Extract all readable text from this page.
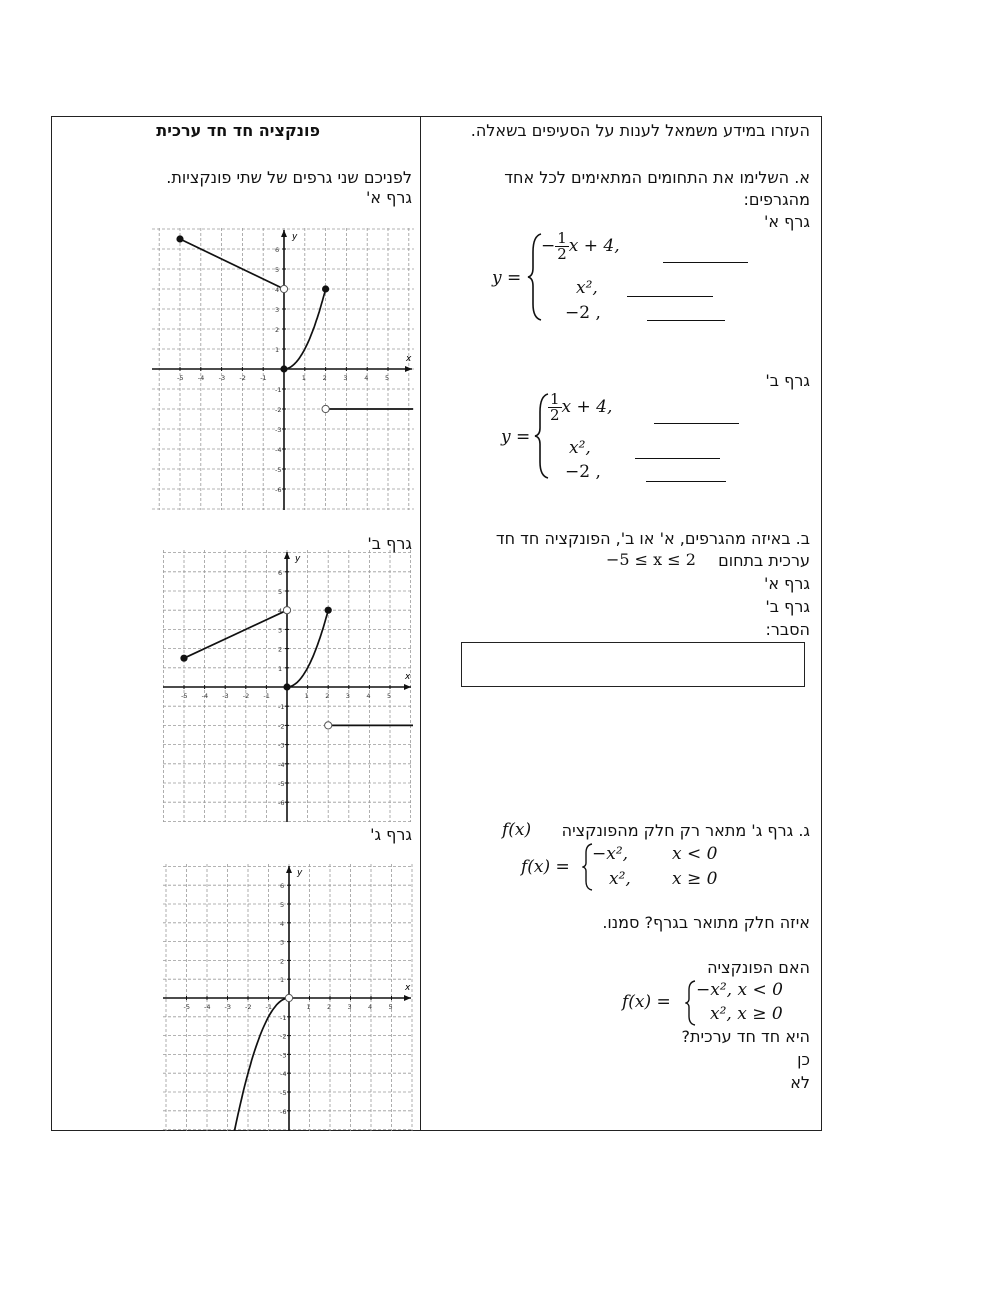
פונקציה חד חד ערכית
לפניכם שני גרפים של שתי פונקציות.
גרף א'
גרף ב'
גרף ג'
x
y
-5 -4 -3 -2 -1	1	2	3	4	5
-6
-5
-4
-3
-2
-1
1
2
3
4
5
6
x
y
-5 -4 -3 -2 -1	1	2	3	4	5
-6
-5
-4
-3
-2
-1
1
2
3
4
5
6
x
y
-5 -4 -3 -2 -1	1	2	3	4	5
-6
-5
-4
-3
-2
-1
1
2
3
4
5
6
העזרו במידע משמאל לענות על הסעיפים בשאלה.
א. השלימו את התחומים המתאימים לכל אחד
מהגרפים:
גרף א'
y =
− $\frac{1}{2}$ x + 4,
x²,
−2 ,
גרף ב'
y =
$\frac{1}{2}$ x + 4,
x²,
−2 ,
ב. באיזה מהגרפים, א' או ב', הפונקציה חד חד
ערכית בתחום
−5 ≤ x ≤ 2
גרף א'
גרף ב'
הסבר:
ג. גרף ג' מתאר רק חלק מהפונקציה
f(x)
f(x) =
−x²,	x < 0
x², x ≥ 0
איזה חלק מתואר בגרף? סמנו.
האם הפונקציה
f(x) =
−x², x < 0
x², x ≥ 0
היא חד חד ערכית?
כן
לא
